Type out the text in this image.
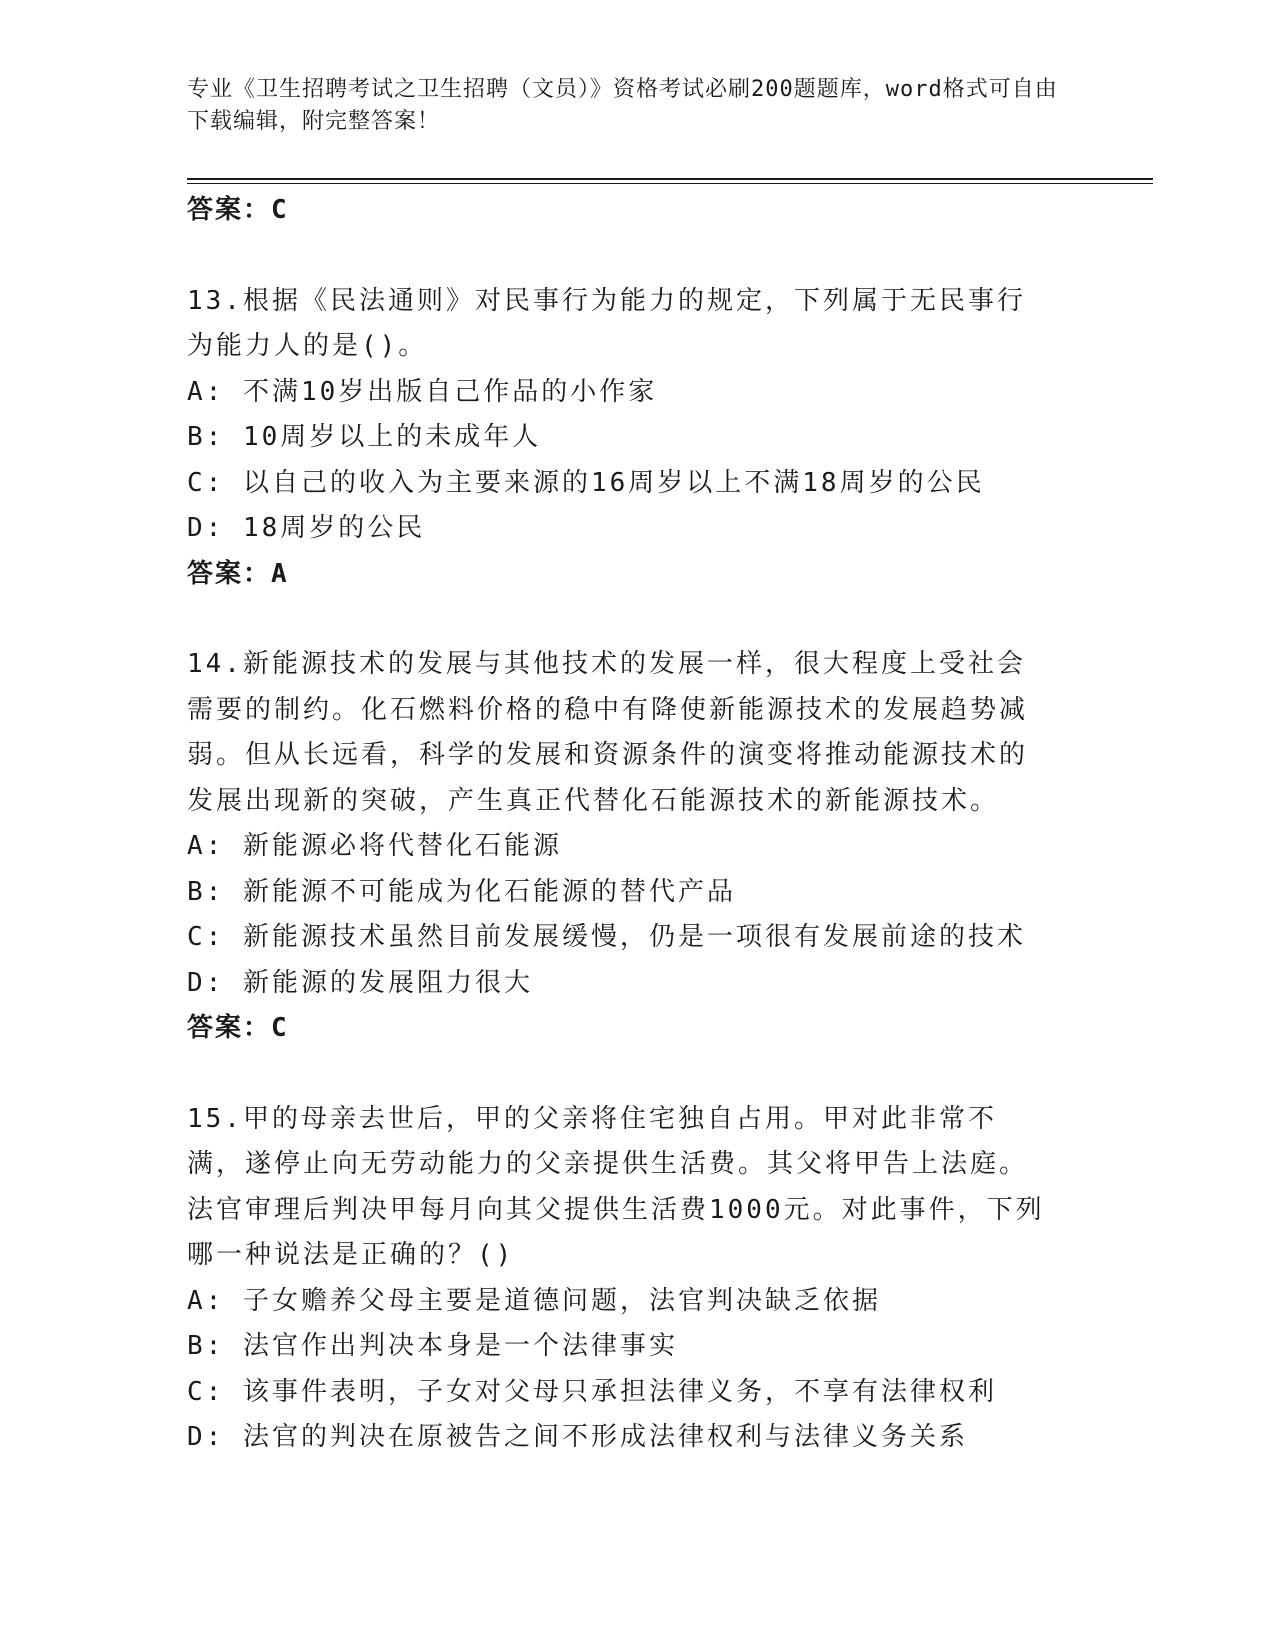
专业《卫生招聘考试之卫生招聘（文员）》资格考试必刷200题题库，word格式可自由下载编辑，附完整答案！
答案：C
13.根据《民法通则》对民事行为能力的规定，下列属于无民事行为能力人的是()。
A: 不满10岁出版自己作品的小作家
B: 10周岁以上的未成年人
C: 以自己的收入为主要来源的16周岁以上不满18周岁的公民
D: 18周岁的公民
答案：A
14.新能源技术的发展与其他技术的发展一样，很大程度上受社会需要的制约。化石燃料价格的稳中有降使新能源技术的发展趋势减弱。但从长远看，科学的发展和资源条件的演变将推动能源技术的发展出现新的突破，产生真正代替化石能源技术的新能源技术。
A: 新能源必将代替化石能源
B: 新能源不可能成为化石能源的替代产品
C: 新能源技术虽然目前发展缓慢，仍是一项很有发展前途的技术
D: 新能源的发展阻力很大
答案：C
15.甲的母亲去世后，甲的父亲将住宅独自占用。甲对此非常不满，遂停止向无劳动能力的父亲提供生活费。其父将甲告上法庭。法官审理后判决甲每月向其父提供生活费1000元。对此事件，下列哪一种说法是正确的？()
A: 子女赡养父母主要是道德问题，法官判决缺乏依据
B: 法官作出判决本身是一个法律事实
C: 该事件表明，子女对父母只承担法律义务，不享有法律权利
D: 法官的判决在原被告之间不形成法律权利与法律义务关系
